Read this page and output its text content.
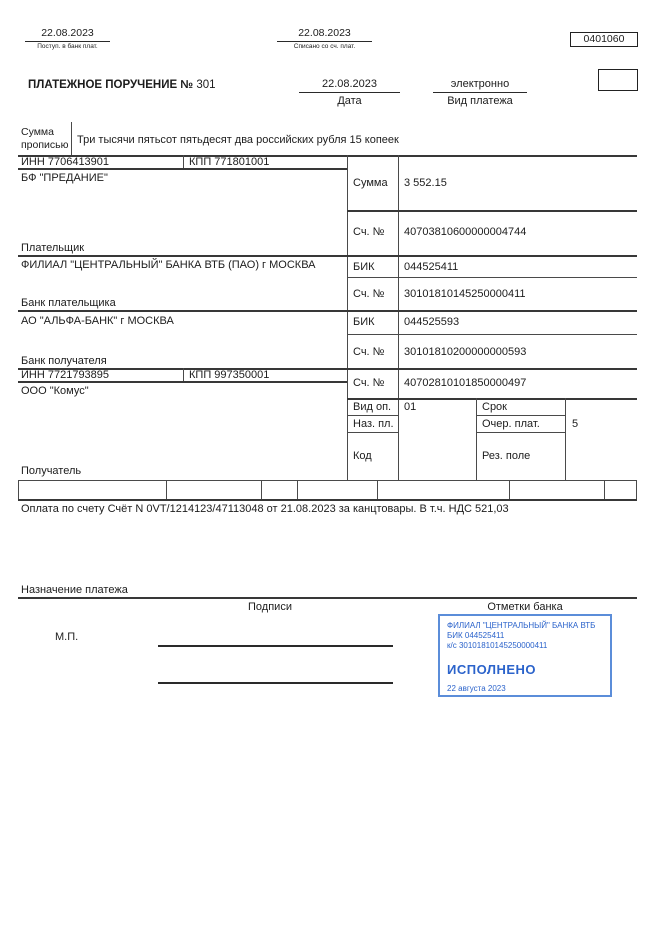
22.08.2023
Поступ. в банк плат.
22.08.2023
Списано со сч. плат.
0401060
ПЛАТЕЖНОЕ ПОРУЧЕНИЕ № 301	22.08.2023
Дата
электронно
Вид платежа
Сумма прописью Три тысячи пятьсот пятьдесят два российских рубля 15 копеек
ИНН 7706413901	КПП 771801001
БФ "ПРЕДАНИЕ"
Плательщик
Сумма 3 552.15
Сч. № 40703810600000004744
ФИЛИАЛ "ЦЕНТРАЛЬНЫЙ" БАНКА ВТБ (ПАО) г МОСКВА
Банк плательщика
БИК	044525411
Сч. № 30101810145250000411
АО "АЛЬФА-БАНК" г МОСКВА
Банк получателя
БИК	044525593
Сч. № 30101810200000000593
ИНН 7721793895	КПП 997350001
ООО "Комус"
Получатель
Сч. № 40702810101850000497
Вид оп. 01	Срок
Наз. пл.	Очер. плат.	5
Код	Рез. поле
Оплата по счету Счёт N 0VT/1214123/47113048 от 21.08.2023 за канцтовары. В т.ч. НДС 521,03
Назначение платежа
Подписи	Отметки банка
М.П.
ФИЛИАЛ "ЦЕНТРАЛЬНЫЙ" БАНКА ВТБ
БИК 044525411
к/с 30101810145250000411
ИСПОЛНЕНО
22 августа 2023
